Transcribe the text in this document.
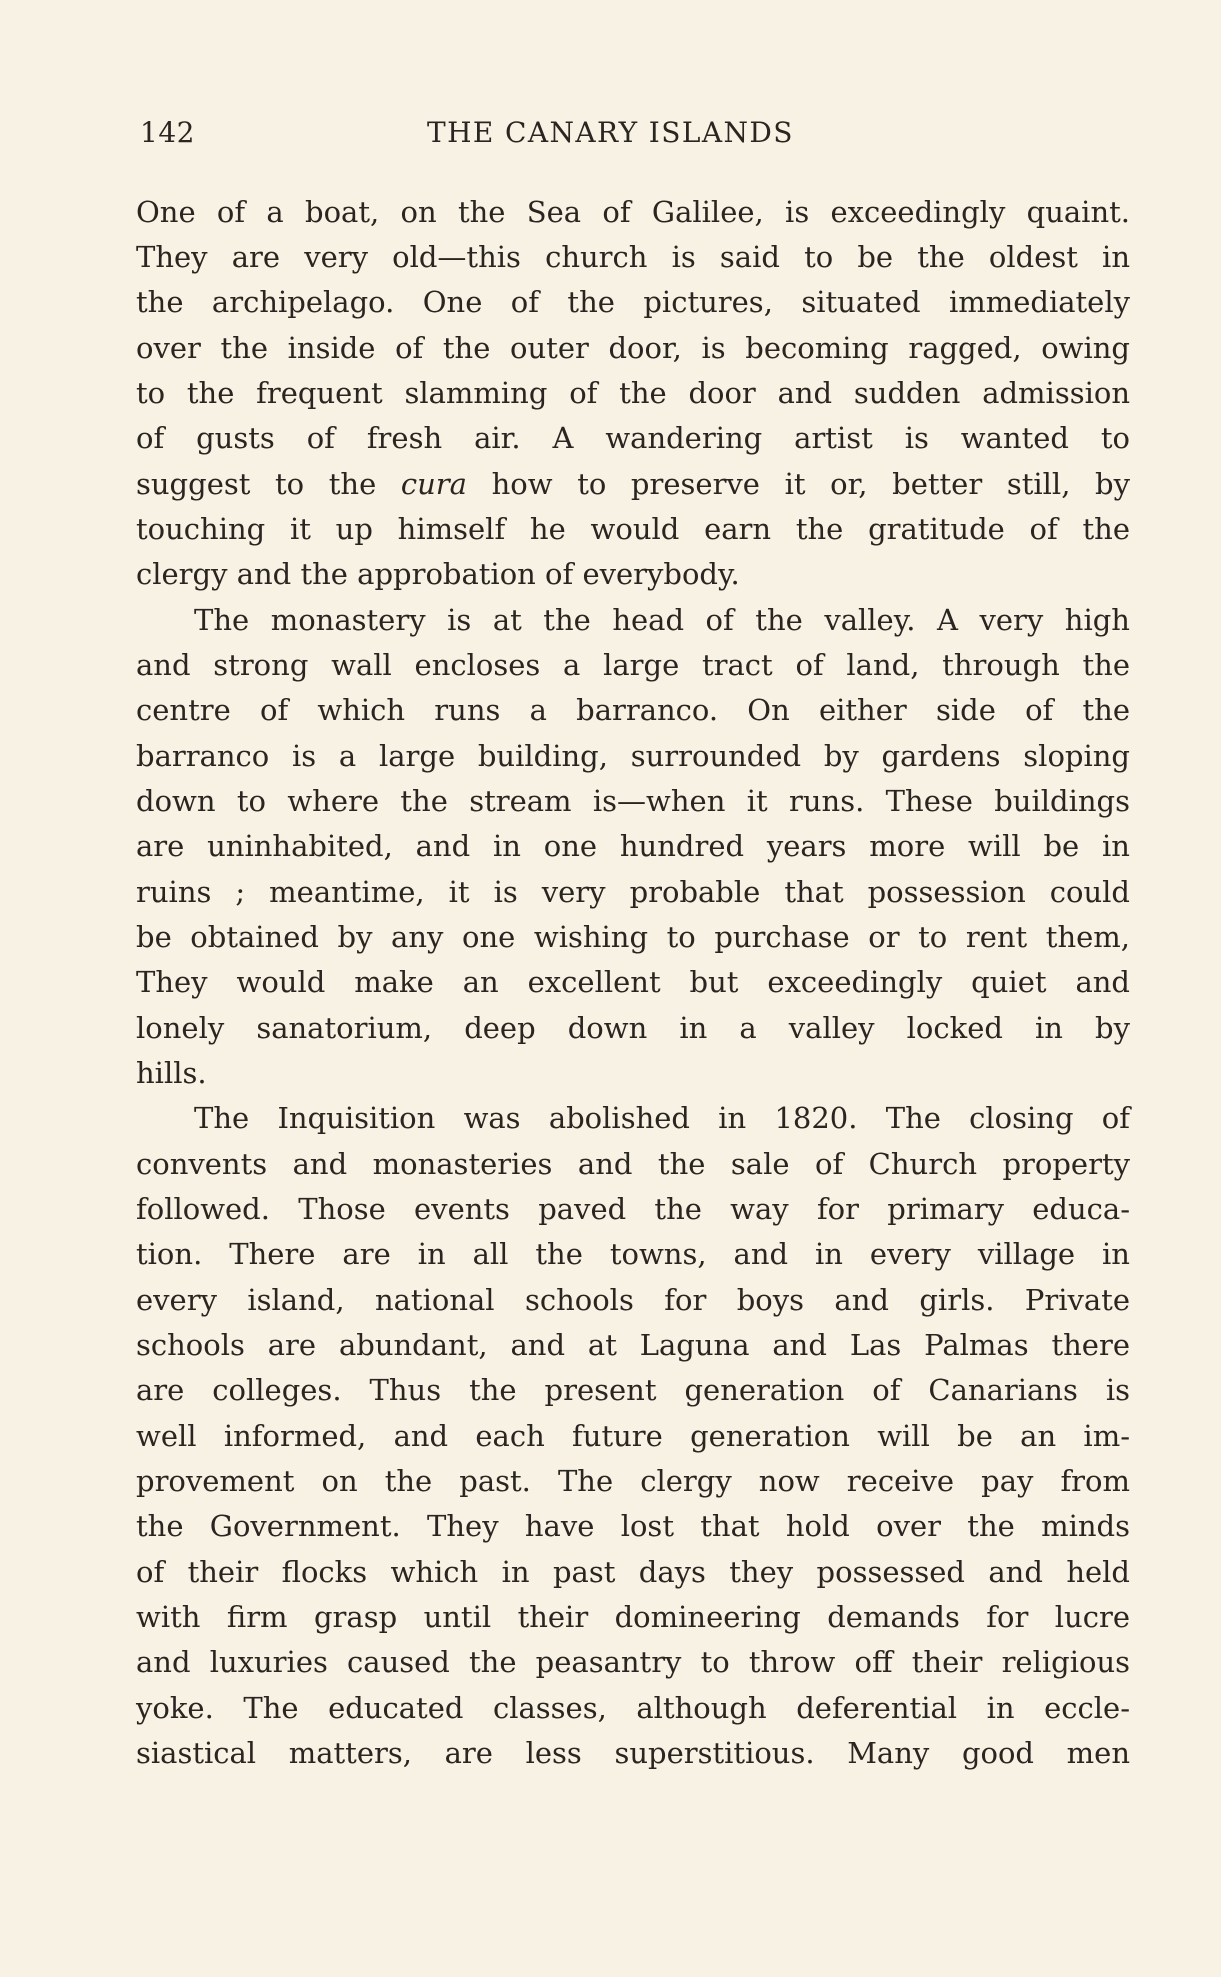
142	THE CANARY ISLANDS
One of a boat, on the Sea of Galilee, is exceedingly quaint.
They are very old—this church is said to be the oldest in
the archipelago. One of the pictures, situated immediately
over the inside of the outer door, is becoming ragged, owing
to the frequent slamming of the door and sudden admission
of gusts of fresh air. A wandering artist is wanted to
suggest to the cura how to preserve it or, better still, by
touching it up himself he would earn the gratitude of the
clergy and the approbation of everybody.
The monastery is at the head of the valley. A very high
and strong wall encloses a large tract of land, through the
centre of which runs a barranco. On either side of the
barranco is a large building, surrounded by gardens sloping
down to where the stream is—when it runs. These buildings
are uninhabited, and in one hundred years more will be in
ruins ; meantime, it is very probable that possession could
be obtained by any one wishing to purchase or to rent them,
They would make an excellent but exceedingly quiet and
lonely sanatorium, deep down in a valley locked in by
hills.
The Inquisition was abolished in 1820. The closing of
convents and monasteries and the sale of Church property
followed. Those events paved the way for primary educa-
tion. There are in all the towns, and in every village in
every island, national schools for boys and girls. Private
schools are abundant, and at Laguna and Las Palmas there
are colleges. Thus the present generation of Canarians is
well informed, and each future generation will be an im-
provement on the past. The clergy now receive pay from
the Government. They have lost that hold over the minds
of their flocks which in past days they possessed and held
with firm grasp until their domineering demands for lucre
and luxuries caused the peasantry to throw off their religious
yoke. The educated classes, although deferential in eccle-
siastical matters, are less superstitious. Many good men
